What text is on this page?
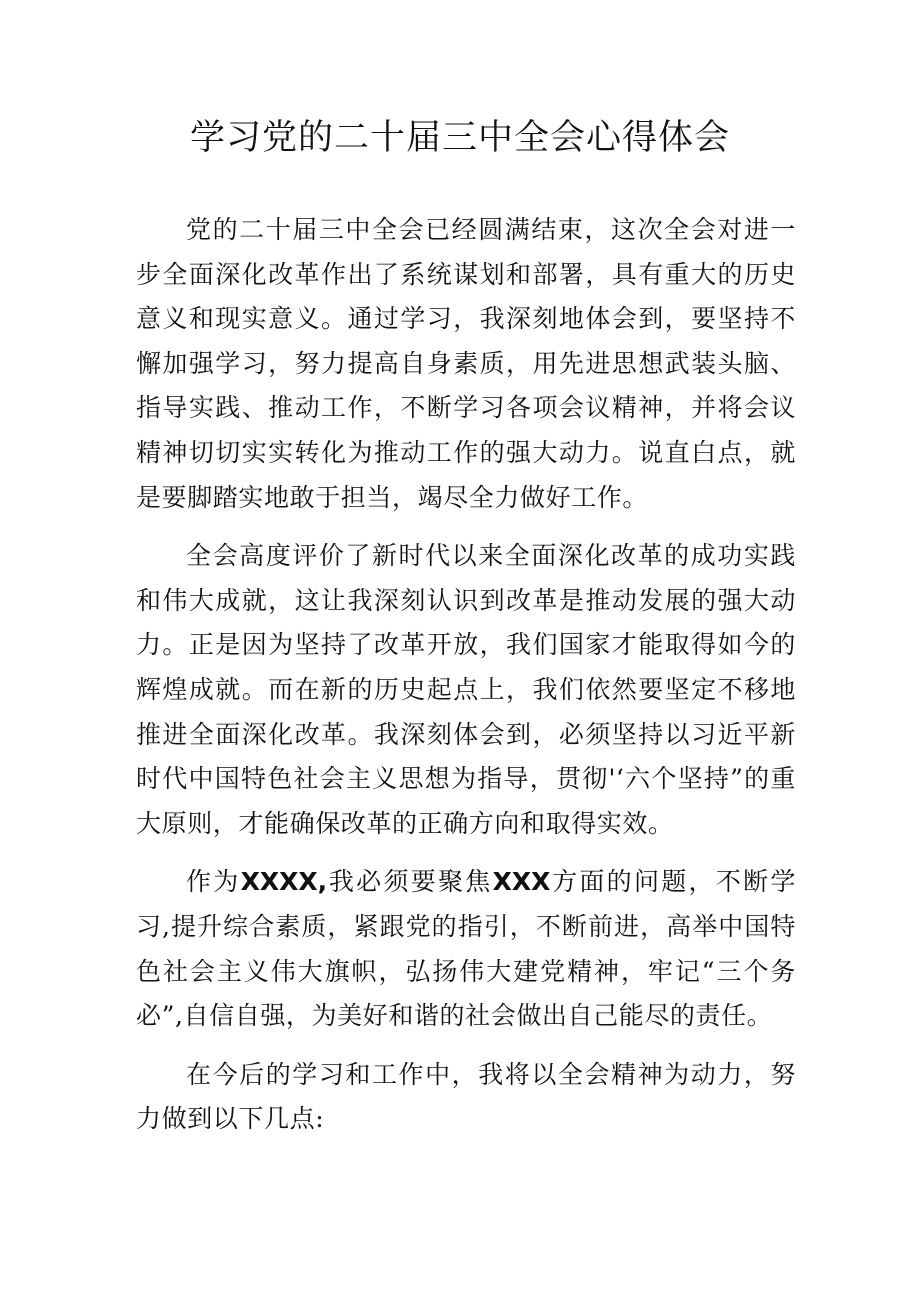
学习党的二十届三中全会心得体会

党的二十届三中全会已经圆满结束，这次全会对进一步全面深化改革作出了系统谋划和部署，具有重大的历史意义和现实意义。通过学习，我深刻地体会到，要坚持不懈加强学习，努力提高自身素质，用先进思想武装头脑、指导实践、推动工作，不断学习各项会议精神，并将会议精神切切实实转化为推动工作的强大动力。说直白点，就是要脚踏实地敢于担当，竭尽全力做好工作。

全会高度评价了新时代以来全面深化改革的成功实践和伟大成就，这让我深刻认识到改革是推动发展的强大动力。正是因为坚持了改革开放，我们国家才能取得如今的辉煌成就。而在新的历史起点上，我们依然要坚定不移地推进全面深化改革。我深刻体会到，必须坚持以习近平新时代中国特色社会主义思想为指导，贯彻'‘六个坚持”的重大原则，才能确保改革的正确方向和取得实效。

作为XXXX,我必须要聚焦XXX方面的问题，不断学习,提升综合素质，紧跟党的指引，不断前进，高举中国特色社会主义伟大旗帜，弘扬伟大建党精神，牢记“三个务必”,自信自强，为美好和谐的社会做出自己能尽的责任。

在今后的学习和工作中，我将以全会精神为动力，努力做到以下几点:
